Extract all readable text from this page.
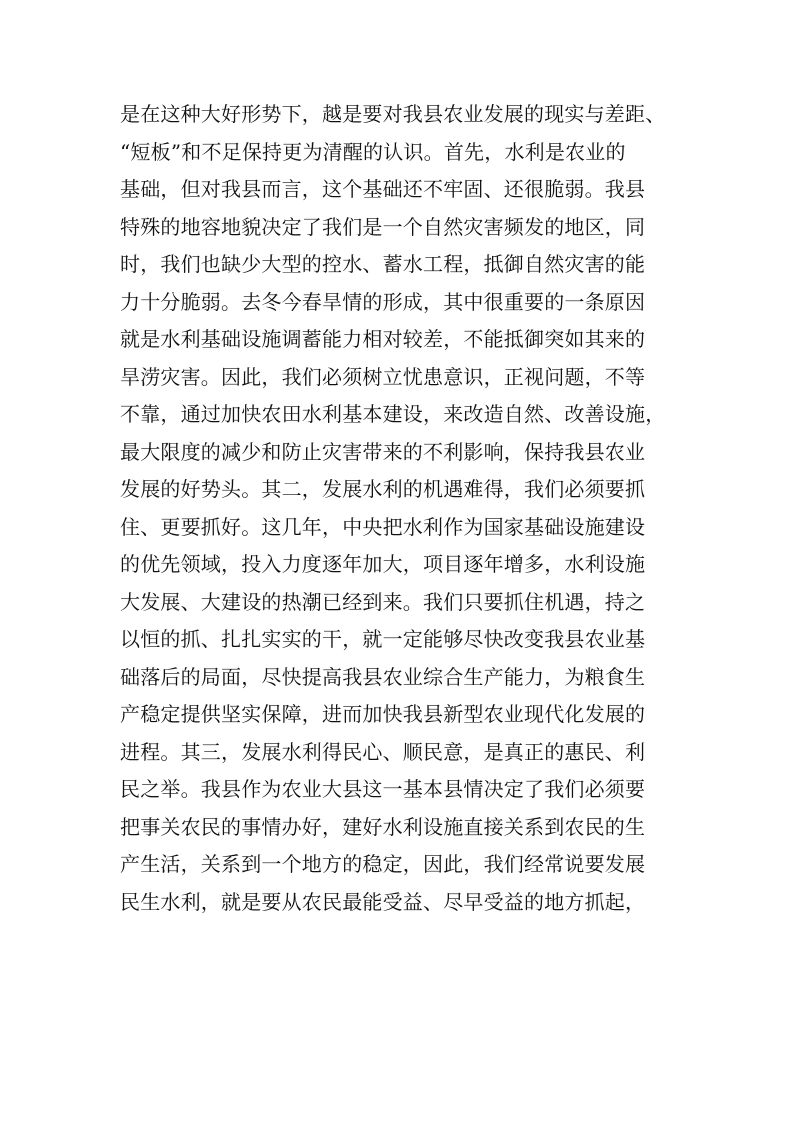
是在这种大好形势下，越是要对我县农业发展的现实与差距、
“短板”和不足保持更为清醒的认识。首先，水利是农业的
基础，但对我县而言，这个基础还不牢固、还很脆弱。我县
特殊的地容地貌决定了我们是一个自然灾害频发的地区，同
时，我们也缺少大型的控水、蓄水工程，抵御自然灾害的能
力十分脆弱。去冬今春旱情的形成，其中很重要的一条原因
就是水利基础设施调蓄能力相对较差，不能抵御突如其来的
旱涝灾害。因此，我们必须树立忧患意识，正视问题，不等
不靠，通过加快农田水利基本建设，来改造自然、改善设施，
最大限度的减少和防止灾害带来的不利影响，保持我县农业
发展的好势头。其二，发展水利的机遇难得，我们必须要抓
住、更要抓好。这几年，中央把水利作为国家基础设施建设
的优先领域，投入力度逐年加大，项目逐年增多，水利设施
大发展、大建设的热潮已经到来。我们只要抓住机遇，持之
以恒的抓、扎扎实实的干，就一定能够尽快改变我县农业基
础落后的局面，尽快提高我县农业综合生产能力，为粮食生
产稳定提供坚实保障，进而加快我县新型农业现代化发展的
进程。其三，发展水利得民心、顺民意，是真正的惠民、利
民之举。我县作为农业大县这一基本县情决定了我们必须要
把事关农民的事情办好，建好水利设施直接关系到农民的生
产生活，关系到一个地方的稳定，因此，我们经常说要发展
民生水利，就是要从农民最能受益、尽早受益的地方抓起，
